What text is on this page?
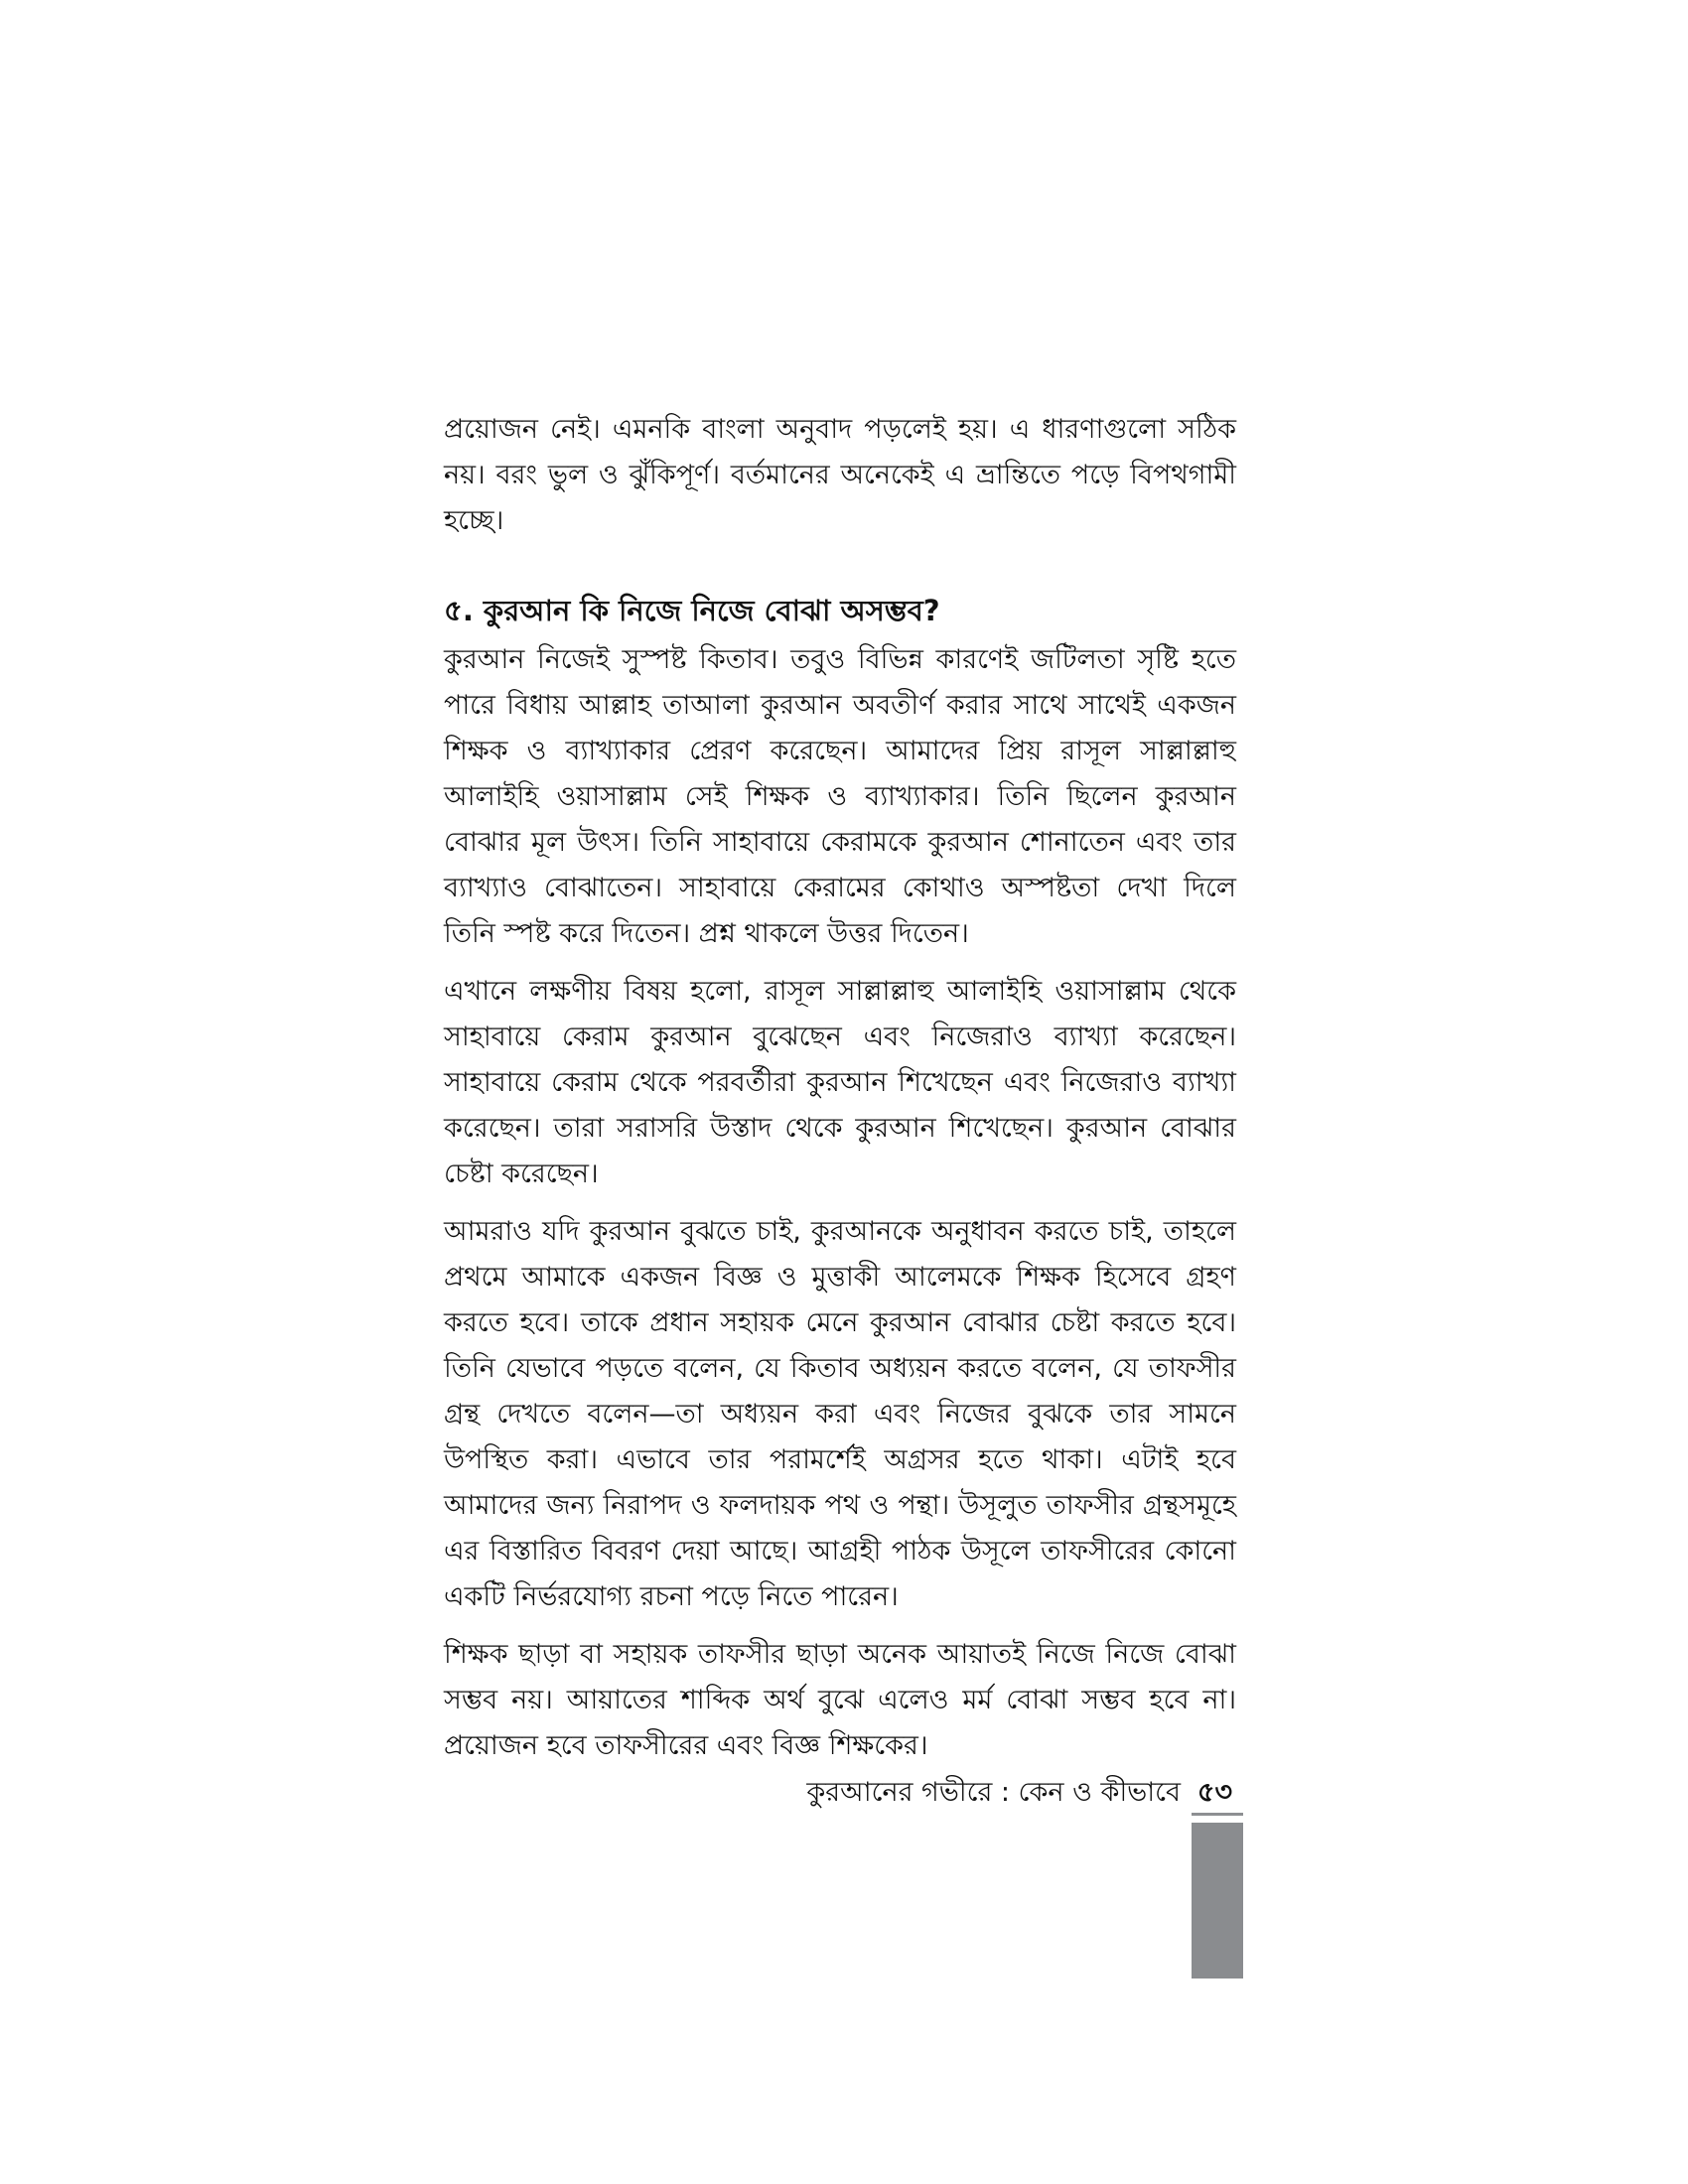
প্রয়োজন নেই। এমনকি বাংলা অনুবাদ পড়লেই হয়। এ ধারণাগুলো সঠিক নয়। বরং ভুল ও ঝুঁকিপূর্ণ। বর্তমানের অনেকেই এ ভ্রান্তিতে পড়ে বিপথগামী হচ্ছে।

৫. কুরআন কি নিজে নিজে বোঝা অসম্ভব?

কুরআন নিজেই সুস্পষ্ট কিতাব। তবুও বিভিন্ন কারণেই জটিলতা সৃষ্টি হতে পারে বিধায় আল্লাহ তাআলা কুরআন অবতীর্ণ করার সাথে সাথেই একজন শিক্ষক ও ব্যাখ্যাকার প্রেরণ করেছেন। আমাদের প্রিয় রাসূল সাল্লাল্লাহু আলাইহি ওয়াসাল্লাম সেই শিক্ষক ও ব্যাখ্যাকার। তিনি ছিলেন কুরআন বোঝার মূল উৎস। তিনি সাহাবায়ে কেরামকে কুরআন শোনাতেন এবং তার ব্যাখ্যাও বোঝাতেন। সাহাবায়ে কেরামের কোথাও অস্পষ্টতা দেখা দিলে তিনি স্পষ্ট করে দিতেন। প্রশ্ন থাকলে উত্তর দিতেন।

এখানে লক্ষণীয় বিষয় হলো, রাসূল সাল্লাল্লাহু আলাইহি ওয়াসাল্লাম থেকে সাহাবায়ে কেরাম কুরআন বুঝেছেন এবং নিজেরাও ব্যাখ্যা করেছেন। সাহাবায়ে কেরাম থেকে পরবর্তীরা কুরআন শিখেছেন এবং নিজেরাও ব্যাখ্যা করেছেন। তারা সরাসরি উস্তাদ থেকে কুরআন শিখেছেন। কুরআন বোঝার চেষ্টা করেছেন।

আমরাও যদি কুরআন বুঝতে চাই, কুরআনকে অনুধাবন করতে চাই, তাহলে প্রথমে আমাকে একজন বিজ্ঞ ও মুত্তাকী আলেমকে শিক্ষক হিসেবে গ্রহণ করতে হবে। তাকে প্রধান সহায়ক মেনে কুরআন বোঝার চেষ্টা করতে হবে। তিনি যেভাবে পড়তে বলেন, যে কিতাব অধ্যয়ন করতে বলেন, যে তাফসীর গ্রন্থ দেখতে বলেন—তা অধ্যয়ন করা এবং নিজের বুঝকে তার সামনে উপস্থিত করা। এভাবে তার পরামর্শেই অগ্রসর হতে থাকা। এটাই হবে আমাদের জন্য নিরাপদ ও ফলদায়ক পথ ও পন্থা। উসূলুত তাফসীর গ্রন্থসমূহে এর বিস্তারিত বিবরণ দেয়া আছে। আগ্রহী পাঠক উসূলে তাফসীরের কোনো একটি নির্ভরযোগ্য রচনা পড়ে নিতে পারেন।

শিক্ষক ছাড়া বা সহায়ক তাফসীর ছাড়া অনেক আয়াতই নিজে নিজে বোঝা সম্ভব নয়। আয়াতের শাব্দিক অর্থ বুঝে এলেও মর্ম বোঝা সম্ভব হবে না। প্রয়োজন হবে তাফসীরের এবং বিজ্ঞ শিক্ষকের।

কুরআনের গভীরে : কেন ও কীভাবে ৫৩
